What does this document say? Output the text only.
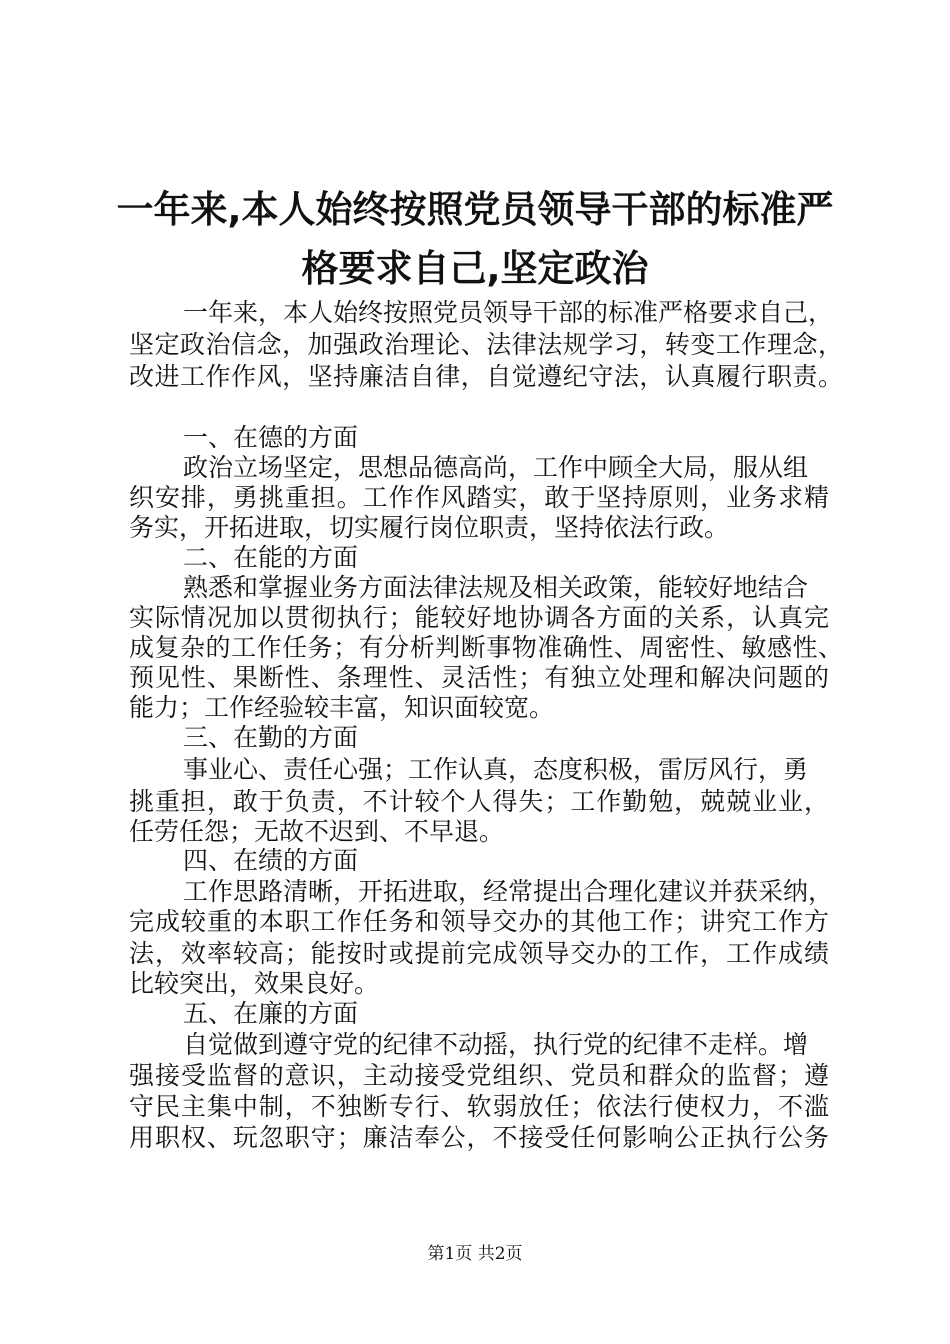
一年来,本人始终按照党员领导干部的标准严
格要求自己,坚定政治
一年来，本人始终按照党员领导干部的标准严格要求自己，
坚定政治信念，加强政治理论、法律法规学习，转变工作理念，
改进工作作风，坚持廉洁自律，自觉遵纪守法，认真履行职责。
一、在德的方面
政治立场坚定，思想品德高尚，工作中顾全大局，服从组
织安排，勇挑重担。工作作风踏实，敢于坚持原则，业务求精
务实，开拓进取，切实履行岗位职责，坚持依法行政。
二、在能的方面
熟悉和掌握业务方面法律法规及相关政策，能较好地结合
实际情况加以贯彻执行；能较好地协调各方面的关系，认真完
成复杂的工作任务；有分析判断事物准确性、周密性、敏感性、
预见性、果断性、条理性、灵活性；有独立处理和解决问题的
能力；工作经验较丰富，知识面较宽。
三、在勤的方面
事业心、责任心强；工作认真，态度积极，雷厉风行，勇
挑重担，敢于负责，不计较个人得失；工作勤勉，兢兢业业，
任劳任怨；无故不迟到、不早退。
四、在绩的方面
工作思路清晰，开拓进取，经常提出合理化建议并获采纳，
完成较重的本职工作任务和领导交办的其他工作；讲究工作方
法，效率较高；能按时或提前完成领导交办的工作，工作成绩
比较突出，效果良好。
五、在廉的方面
自觉做到遵守党的纪律不动摇，执行党的纪律不走样。增
强接受监督的意识，主动接受党组织、党员和群众的监督；遵
守民主集中制，不独断专行、软弱放任；依法行使权力，不滥
用职权、玩忽职守；廉洁奉公，不接受任何影响公正执行公务
第1页 共2页
